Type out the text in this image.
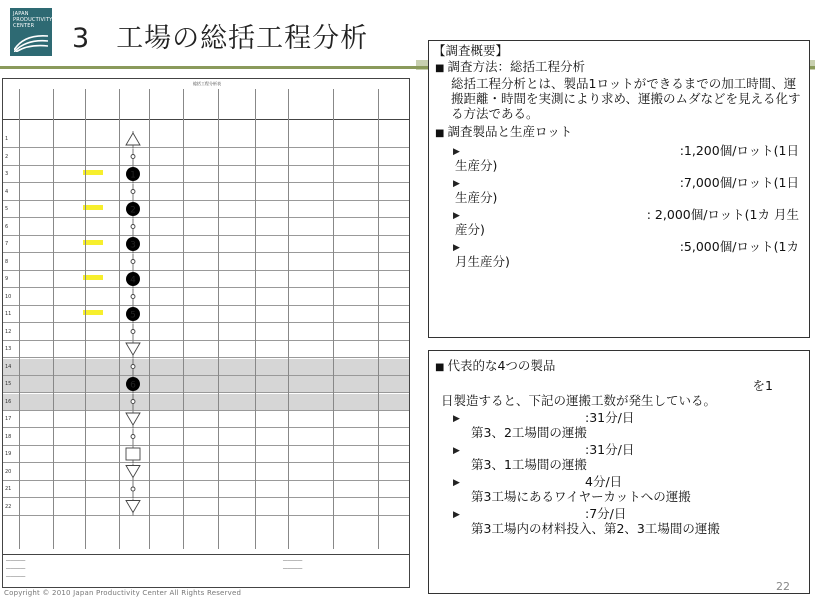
JAPAN
PRODUCTIVITY
CENTER	3 工場の総括工程分析
総括工程分析表
1
2
3
4
5
6
7
8
9
10
11
12
13
14
15
16
17
18
19
20
21
22
1
2
3
4
5
6
────────
────────
────────
────────
────────
Copyright © 2010 Japan Productivity Center All Rights Reserved
【調査概要】
■ 調査方法：総括工程分析
総括工程分析とは、製品1ロットができるまでの加工時間、運搬距離・時間を実測により求め、運搬のムダなどを見える化する方法である。
■ 調査製品と生産ロット
▶	:1,200個/ロット(1日
生産分)
▶	:7,000個/ロット(1日
生産分)
▶	: 2,000個/ロット(1カ 月生
産分)
▶	:5,000個/ロット(1カ
月生産分)
■ 代表的な4つの製品
を1
日製造すると、下記の運搬工数が発生している。
▶	:31分/日
第3、2工場間の運搬
▶	:31分/日
第3、1工場間の運搬
▶	4分/日
第3工場にあるワイヤーカットへの運搬
▶	:7分/日
第3工場内の材料投入、第2、3工場間の運搬
22
